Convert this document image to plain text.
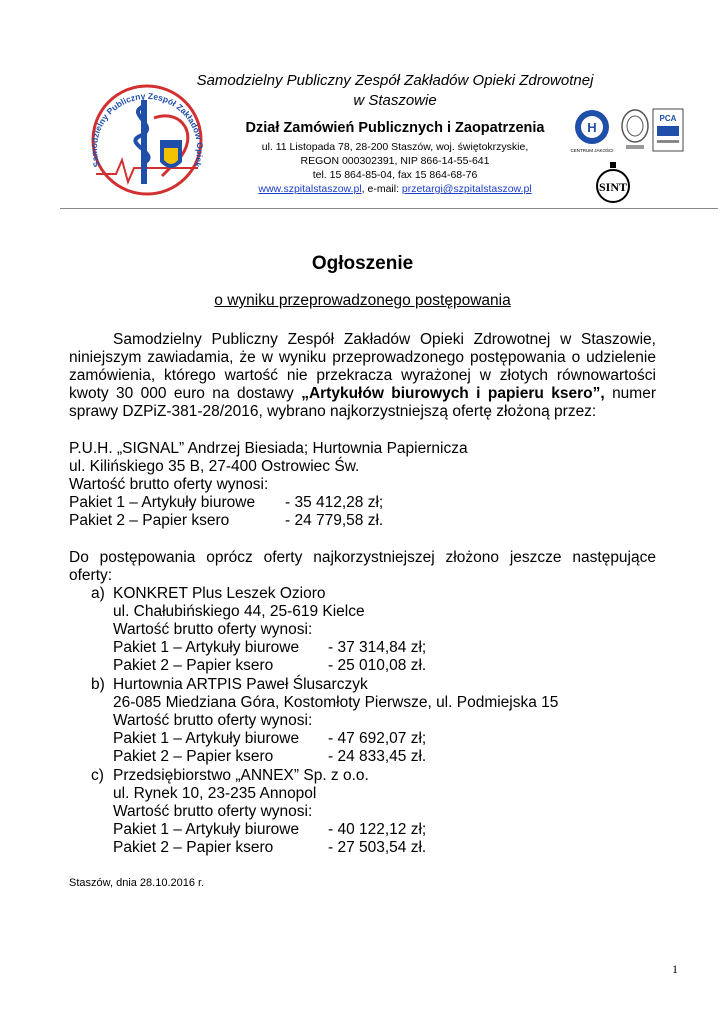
Samodzielny Publiczny Zespół Zakładów Opiek
Samodzielny Publiczny Zespół Zakładów Opieki Zdrowotnej
w Staszowie
Dział Zamówień Publicznych i Zaopatrzenia
ul. 11 Listopada 78, 28-200 Staszów, woj. świętokrzyskie,
REGON 000302391, NIP 866-14-55-641
tel. 15 864-85-04, fax 15 864-68-76
www.szpitalstaszow.pl, e-mail: przetargi@szpitalstaszow.pl
H
CENTRUM JAKOŚCI
PCA
SINT
Ogłoszenie
o wyniku przeprowadzonego postępowania

Samodzielny Publiczny Zespół Zakładów Opieki Zdrowotnej w Staszowie,

niniejszym zawiadamia, że w wyniku przeprowadzonego postępowania o udzielenie

zamówienia, którego wartość nie przekracza wyrażonej w złotych równowartości

kwoty 30 000 euro na dostawy „Artykułów biurowych i papieru ksero”, numer

sprawy DZPiZ-381-28/2016, wybrano najkorzystniejszą ofertę złożoną przez:

P.U.H. „SIGNAL” Andrzej Biesiada; Hurtownia Papiernicza
ul. Kilińskiego 35 B, 27-400 Ostrowiec Św.
Wartość brutto oferty wynosi:
Pakiet 1 – Artykuły biurowe - 35 412,28 zł;
Pakiet 2 – Papier ksero	- 24 779,58 zł.
Do postępowania oprócz oferty najkorzystniejszej złożono jeszcze następujące
oferty:
a) KONKRET Plus Leszek Ozioro
ul. Chałubińskiego 44, 25-619 Kielce
Wartość brutto oferty wynosi:
Pakiet 1 – Artykuły biurowe - 37 314,84 zł;
Pakiet 2 – Papier ksero	- 25 010,08 zł.
b) Hurtownia ARTPIS Paweł Ślusarczyk
26-085 Miedziana Góra, Kostomłoty Pierwsze, ul. Podmiejska 15
Wartość brutto oferty wynosi:
Pakiet 1 – Artykuły biurowe - 47 692,07 zł;
Pakiet 2 – Papier ksero	- 24 833,45 zł.
c) Przedsiębiorstwo „ANNEX” Sp. z o.o.
ul. Rynek 10, 23-235 Annopol
Wartość brutto oferty wynosi:
Pakiet 1 – Artykuły biurowe - 40 122,12 zł;
Pakiet 2 – Papier ksero	- 27 503,54 zł.
Staszów, dnia 28.10.2016 r.
1
